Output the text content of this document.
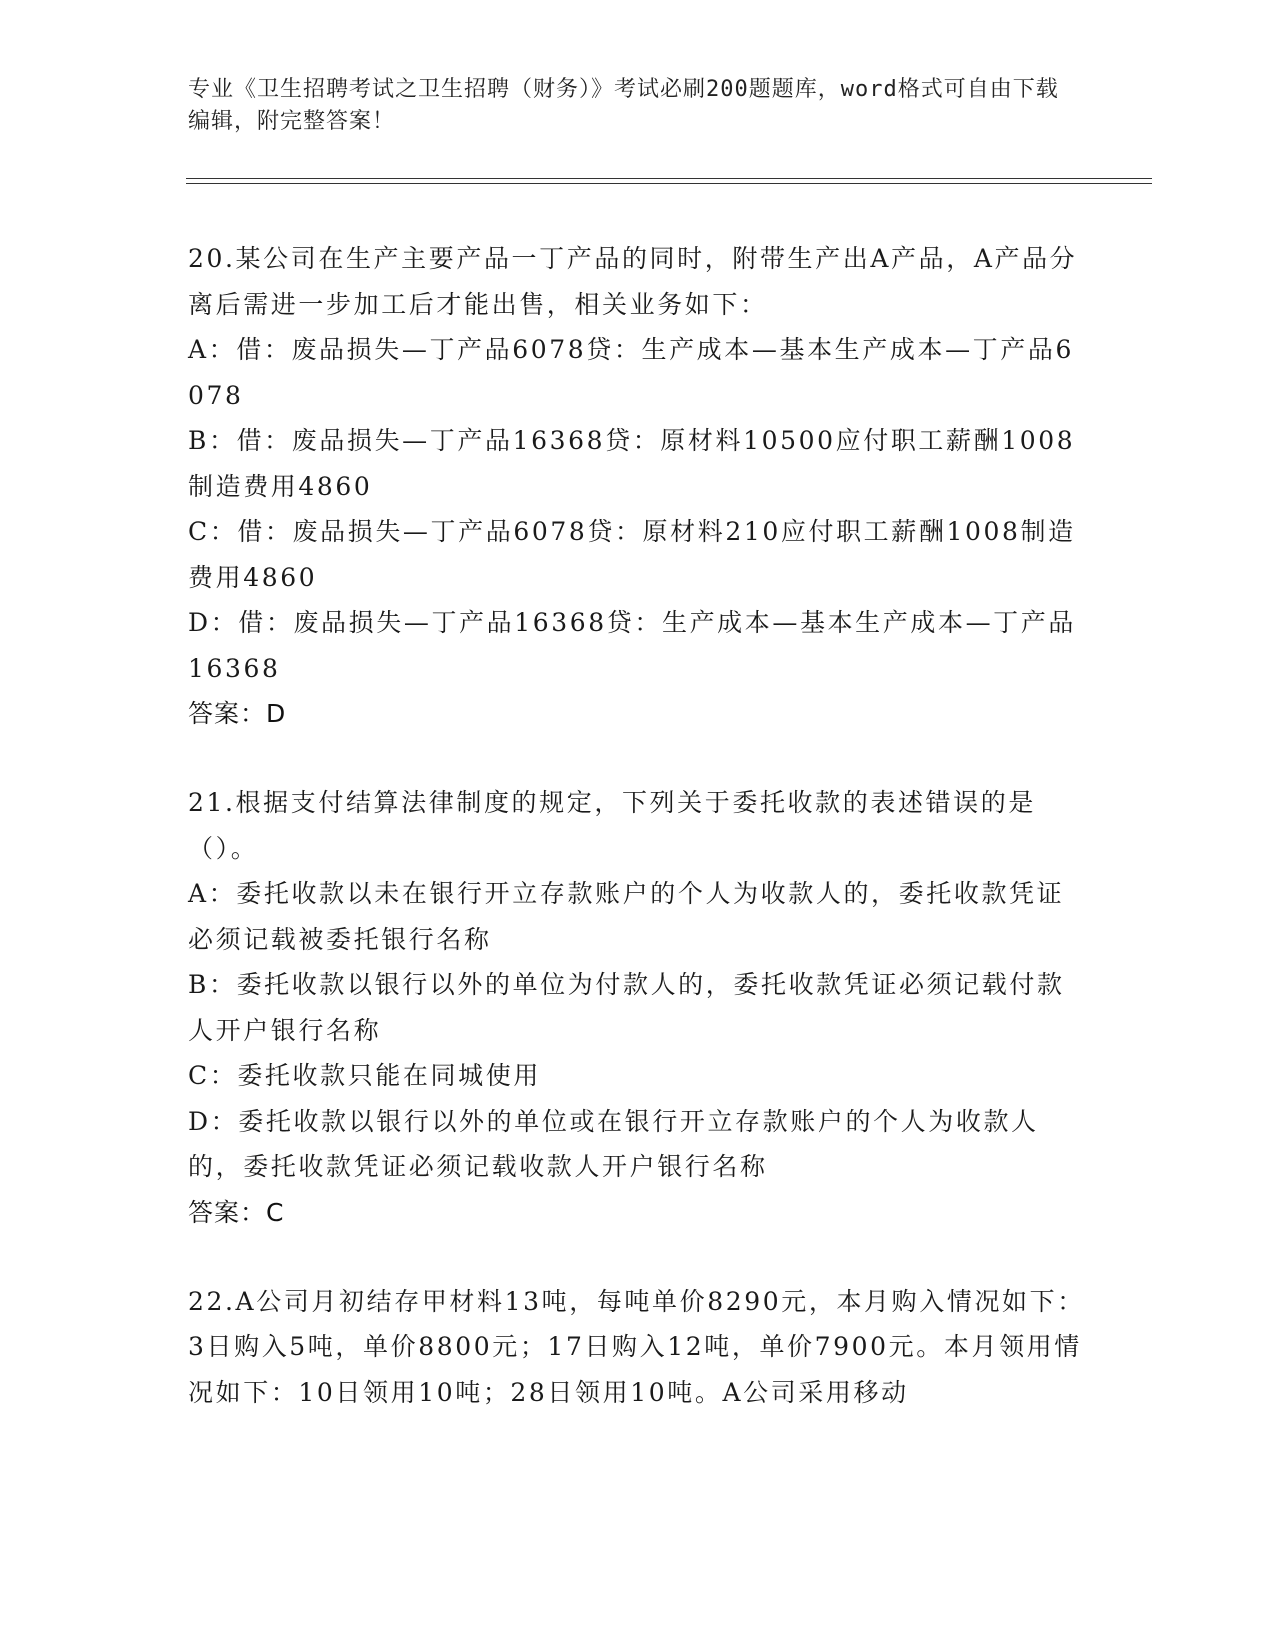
专业《卫生招聘考试之卫生招聘（财务）》考试必刷200题题库，word格式可自由下载编辑，附完整答案！

20.某公司在生产主要产品一丁产品的同时，附带生产出A产品，A产品分离后需进一步加工后才能出售，相关业务如下：

A：借：废品损失—丁产品6078贷：生产成本—基本生产成本—丁产品6078

B：借：废品损失—丁产品16368贷：原材料10500应付职工薪酬1008制造费用4860

C：借：废品损失—丁产品6078贷：原材料210应付职工薪酬1008制造费用4860

D：借：废品损失—丁产品16368贷：生产成本—基本生产成本—丁产品16368

答案：D

21.根据支付结算法律制度的规定，下列关于委托收款的表述错误的是（）。

A：委托收款以未在银行开立存款账户的个人为收款人的，委托收款凭证必须记载被委托银行名称

B：委托收款以银行以外的单位为付款人的，委托收款凭证必须记载付款人开户银行名称

C：委托收款只能在同城使用

D：委托收款以银行以外的单位或在银行开立存款账户的个人为收款人的，委托收款凭证必须记载收款人开户银行名称

答案：C

22.A公司月初结存甲材料13吨，每吨单价8290元，本月购入情况如下：3日购入5吨，单价8800元；17日购入12吨，单价7900元。本月领用情况如下：10日领用10吨；28日领用10吨。A公司采用移动
